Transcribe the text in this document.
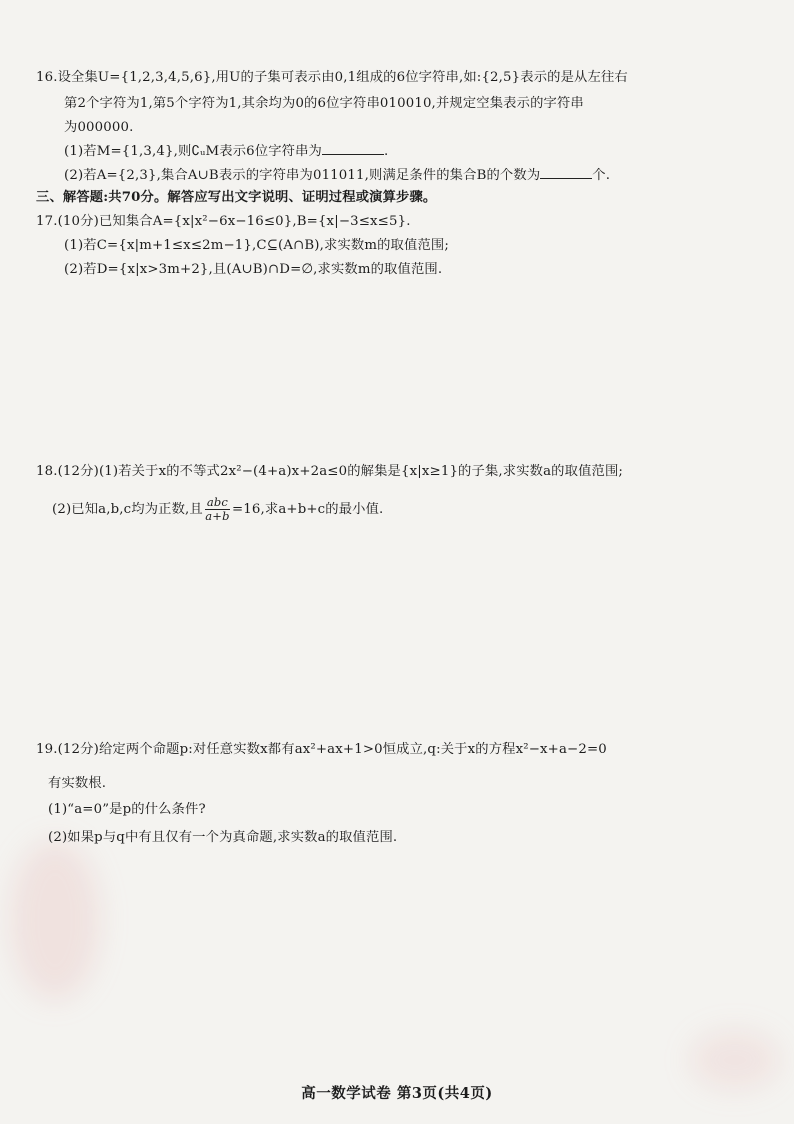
16.设全集U={1,2,3,4,5,6},用U的子集可表示由0,1组成的6位字符串,如:{2,5}表示的是从左往右
第2个字符为1,第5个字符为1,其余均为0的6位字符串010010,并规定空集表示的字符串
为000000.
(1)若M={1,3,4},则∁ᵤM表示6位字符串为	.
(2)若A={2,3},集合A∪B表示的字符串为011011,则满足条件的集合B的个数为	个.
三、解答题:共70分。解答应写出文字说明、证明过程或演算步骤。
17.(10分)已知集合A={x|x²−6x−16≤0},B={x|−3≤x≤5}.
(1)若C={x|m+1≤x≤2m−1},C⊆(A∩B),求实数m的取值范围;
(2)若D={x|x>3m+2},且(A∪B)∩D=∅,求实数m的取值范围.
18.(12分)(1)若关于x的不等式2x²−(4+a)x+2a≤0的解集是{x|x≥1}的子集,求实数a的取值范围;
(2)已知a,b,c均为正数,且 $\frac{\text{abc}}{a+b} =16$,求a+b+c的最小值.
19.(12分)给定两个命题p:对任意实数x都有ax²+ax+1>0恒成立,q:关于x的方程x²−x+a−2=0
有实数根.
(1)“a=0”是p的什么条件?
(2)如果p与q中有且仅有一个为真命题,求实数a的取值范围.
高一数学试卷 第3页(共4页)
